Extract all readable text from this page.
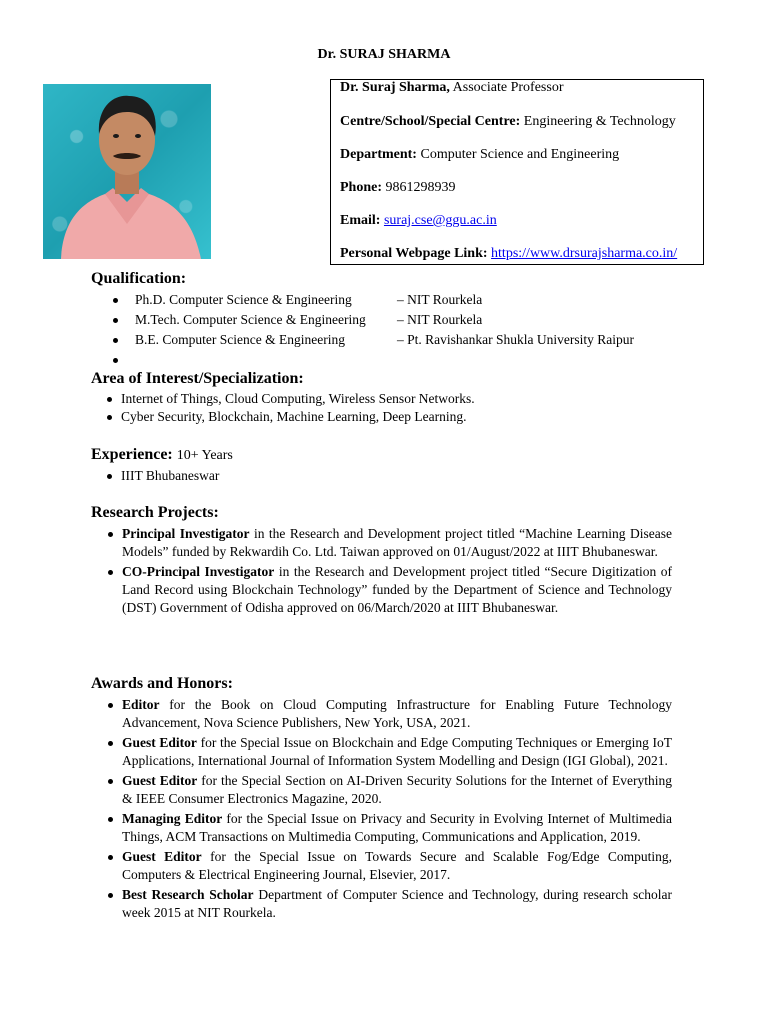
Dr. SURAJ SHARMA
Dr. Suraj Sharma, Associate Professor
Centre/School/Special Centre: Engineering & Technology
Department: Computer Science and Engineering
Phone: 9861298939
Email: suraj.cse@ggu.ac.in
Personal Webpage Link: https://www.drsurajsharma.co.in/
Qualification:
Ph.D. Computer Science & Engineering	– NIT Rourkela
M.Tech. Computer Science & Engineering – NIT Rourkela
B.E. Computer Science & Engineering	– Pt. Ravishankar Shukla University Raipur
Area of Interest/Specialization:
Internet of Things, Cloud Computing, Wireless Sensor Networks.
Cyber Security, Blockchain, Machine Learning, Deep Learning.
Experience: 10+ Years
IIIT Bhubaneswar
Research Projects:
Principal Investigator in the Research and Development project titled “Machine Learning Disease Models” funded by Rekwardih Co. Ltd. Taiwan approved on 01/August/2022 at IIIT Bhubaneswar.
CO-Principal Investigator in the Research and Development project titled “Secure Digitization of Land Record using Blockchain Technology” funded by the Department of Science and Technology (DST) Government of Odisha approved on 06/March/2020 at IIIT Bhubaneswar.
Awards and Honors:
Editor for the Book on Cloud Computing Infrastructure for Enabling Future Technology Advancement, Nova Science Publishers, New York, USA, 2021.
Guest Editor for the Special Issue on Blockchain and Edge Computing Techniques or Emerging IoT Applications, International Journal of Information System Modelling and Design (IGI Global), 2021.
Guest Editor for the Special Section on AI-Driven Security Solutions for the Internet of Everything & IEEE Consumer Electronics Magazine, 2020.
Managing Editor for the Special Issue on Privacy and Security in Evolving Internet of Multimedia Things, ACM Transactions on Multimedia Computing, Communications and Application, 2019.
Guest Editor for the Special Issue on Towards Secure and Scalable Fog/Edge Computing, Computers & Electrical Engineering Journal, Elsevier, 2017.
Best Research Scholar Department of Computer Science and Technology, during research scholar week 2015 at NIT Rourkela.
